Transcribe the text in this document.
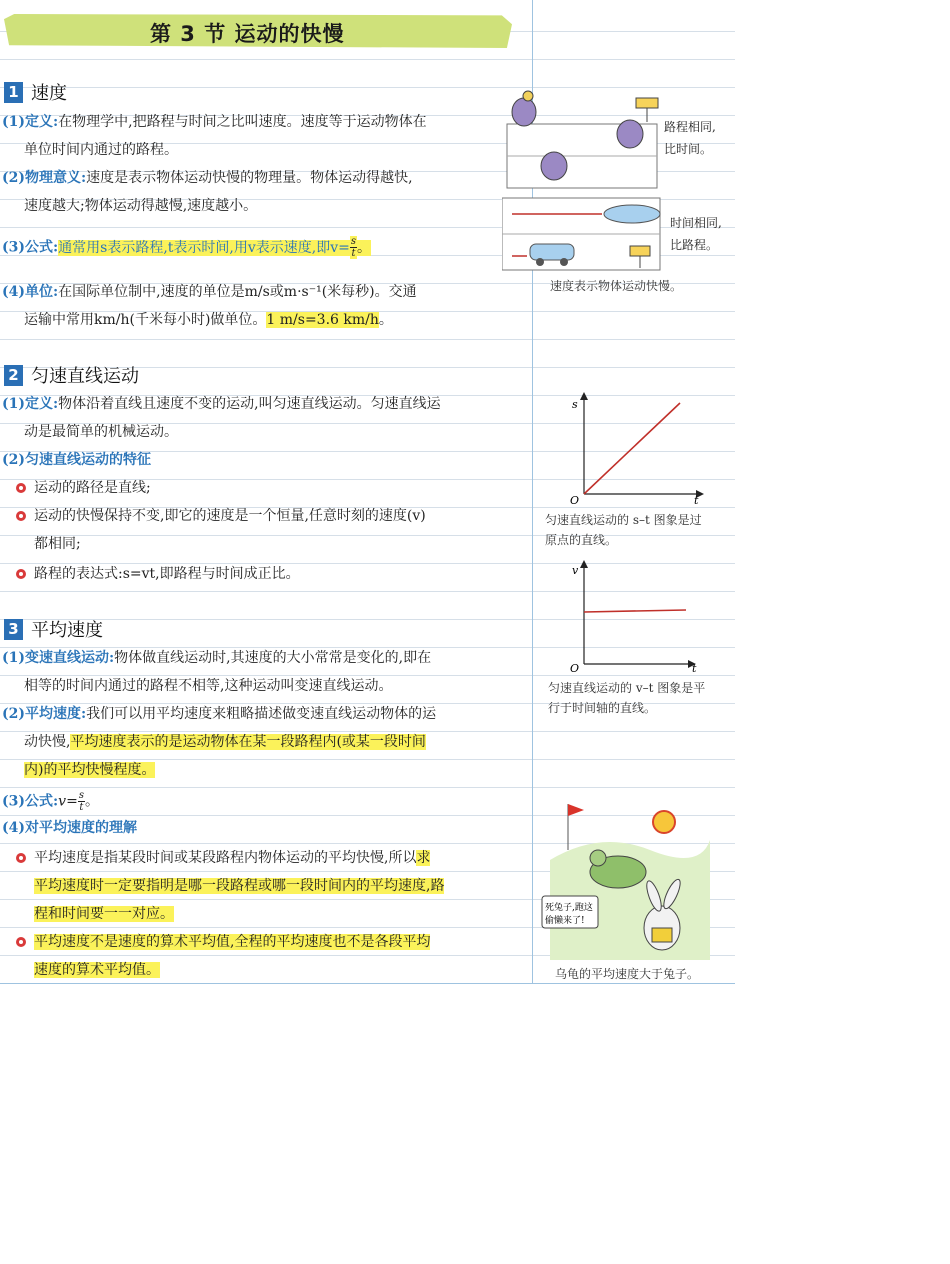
第 3 节 运动的快慢
1 速度
(1)定义:在物理学中,把路程与时间之比叫速度。速度等于运动物体在
单位时间内通过的路程。
(2)物理意义:速度是表示物体运动快慢的物理量。物体运动得越快,
速度越大;物体运动得越慢,速度越小。
(3)公式:通常用s表示路程,t表示时间,用v表示速度,即$v= \frac{s}{t}$ 。
(4)单位:在国际单位制中,速度的单位是m/s或m·s⁻¹(米每秒)。交通
运输中常用km/h(千米每小时)做单位。1 m/s=3.6 km/h。
路程相同,
比时间。
时间相同,
比路程。
速度表示物体运动快慢。
2 匀速直线运动
(1)定义:物体沿着直线且速度不变的运动,叫匀速直线运动。匀速直线运
动是最简单的机械运动。
(2)匀速直线运动的特征
运动的路径是直线;
运动的快慢保持不变,即它的速度是一个恒量,任意时刻的速度(v)
都相同;
路程的表达式:s=vt,即路程与时间成正比。
s
t
O
匀速直线运动的 s–t 图象是过
原点的直线。
v
t
O
匀速直线运动的 v–t 图象是平
行于时间轴的直线。
3 平均速度
(1)变速直线运动:物体做直线运动时,其速度的大小常常是变化的,即在
相等的时间内通过的路程不相等,这种运动叫变速直线运动。
(2)平均速度:我们可以用平均速度来粗略描述做变速直线运动物体的运
动快慢,平均速度表示的是运动物体在某一段路程内(或某一段时间
内)的平均快慢程度。
(3)公式:v= $\frac{s}{t}$ 。
(4)对平均速度的理解
平均速度是指某段时间或某段路程内物体运动的平均快慢,所以求
平均速度时一定要指明是哪一段路程或哪一段时间内的平均速度,路
程和时间要一一对应。
平均速度不是速度的算术平均值,全程的平均速度也不是各段平均
速度的算术平均值。
死兔子,跑这
偷懒来了!
乌龟的平均速度大于兔子。
